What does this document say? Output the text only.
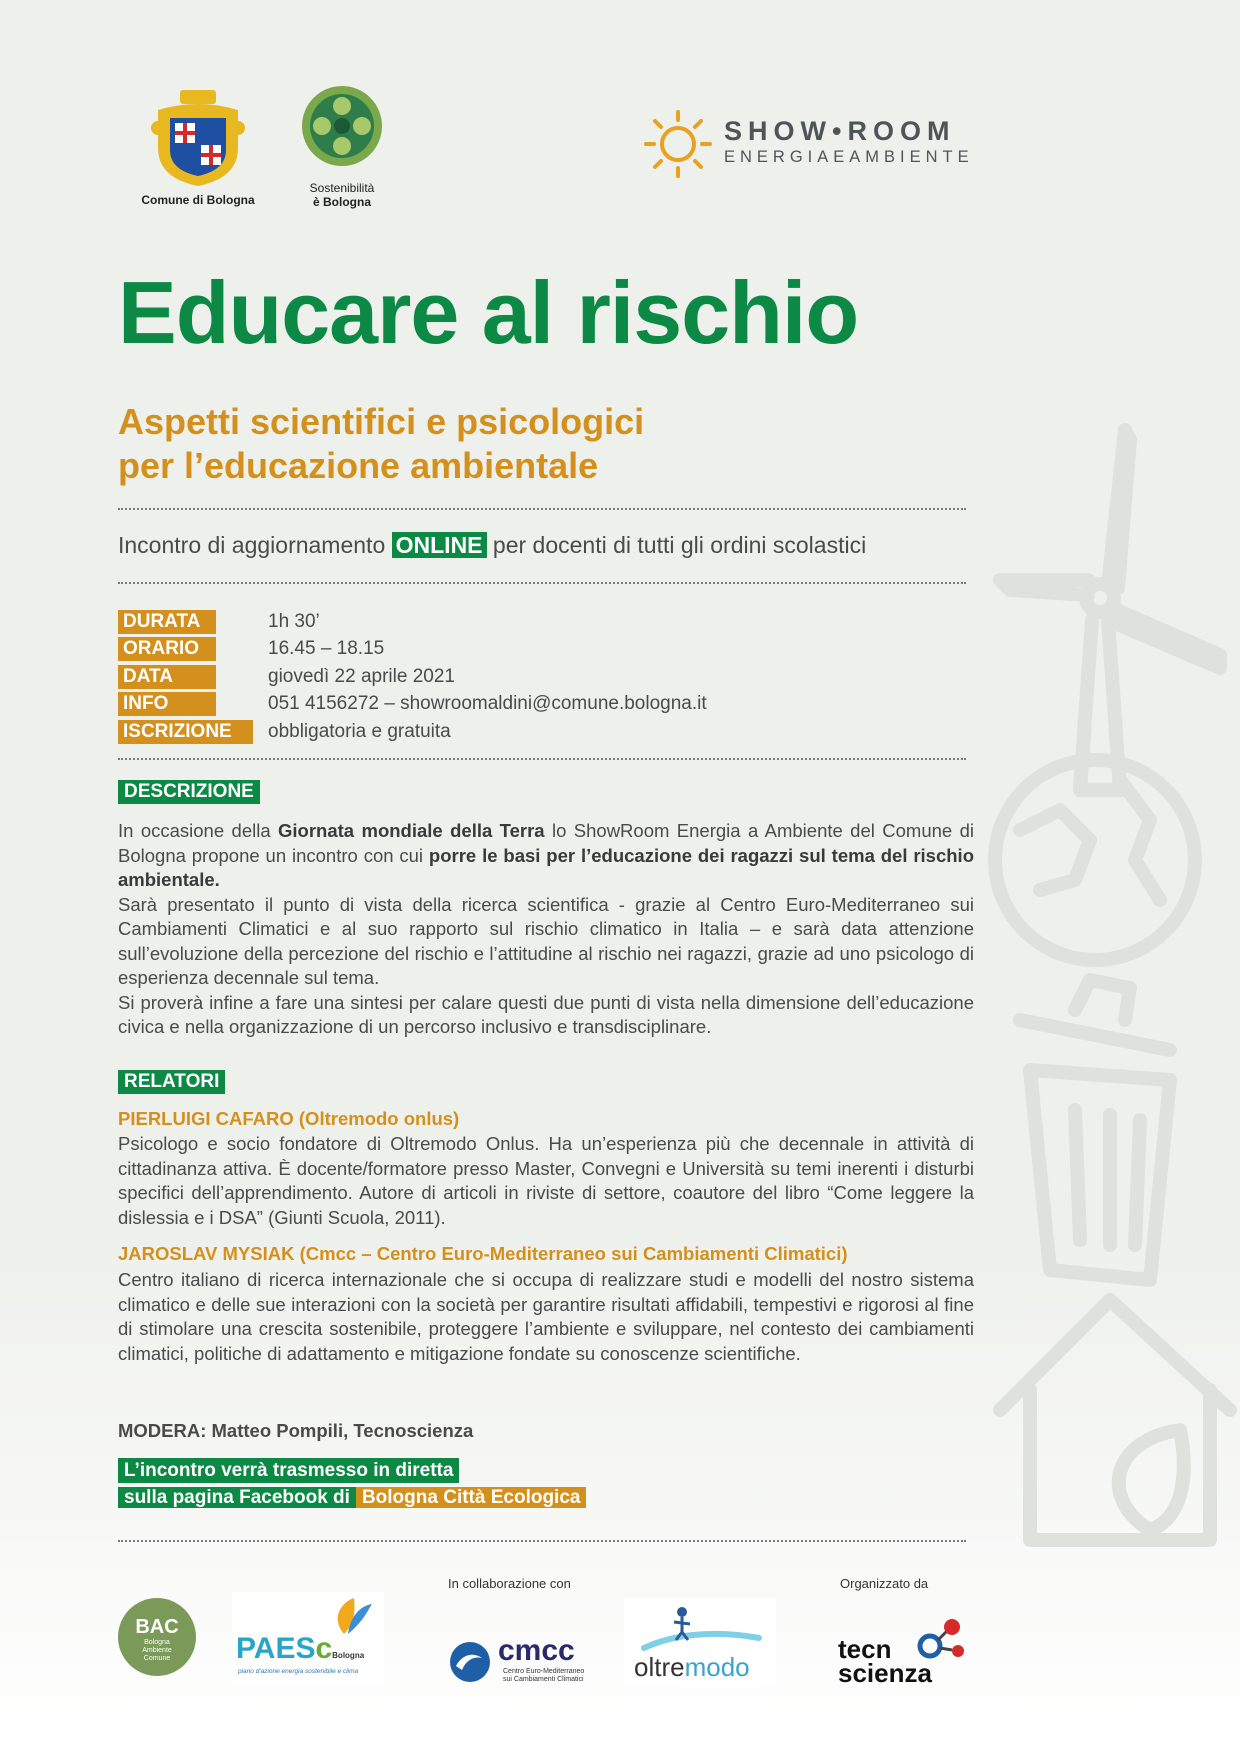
Comune di Bologna
Sostenibilità
è Bologna
SHOW•ROOM
ENERGIAEAMBIENTE
Educare al rischio
Aspetti scientifici e psicologici
per l’educazione ambientale
Incontro di aggiornamento ONLINE per docenti di tutti gli ordini scolastici
DURATA	1h 30’
ORARIO	16.45 – 18.15
DATA	giovedì 22 aprile 2021
INFO	051 4156272 – showroomaldini@comune.bologna.it
ISCRIZIONE	obbligatoria e gratuita
DESCRIZIONE
In occasione della Giornata mondiale della Terra lo ShowRoom Energia a Ambiente del Comune di Bologna propone un incontro con cui porre le basi per l’educazione dei ragazzi sul tema del rischio ambientale.
Sarà presentato il punto di vista della ricerca scientifica - grazie al Centro Euro-Mediterraneo sui Cambiamenti Climatici e al suo rapporto sul rischio climatico in Italia – e sarà data attenzione sull’evoluzione della percezione del rischio e l’attitudine al rischio nei ragazzi, grazie ad uno psicologo di esperienza decennale sul tema.
Si proverà infine a fare una sintesi per calare questi due punti di vista nella dimensione dell’educazione civica e nella organizzazione di un percorso inclusivo e transdisciplinare.
RELATORI
PIERLUIGI CAFARO (Oltremodo onlus)
Psicologo e socio fondatore di Oltremodo Onlus. Ha un’esperienza più che decennale in attività di cittadinanza attiva. È docente/formatore presso Master, Convegni e Università su temi inerenti i disturbi specifici dell’apprendimento. Autore di articoli in riviste di settore, coautore del libro “Come leggere la dislessia e i DSA” (Giunti Scuola, 2011).
JAROSLAV MYSIAK (Cmcc – Centro Euro-Mediterraneo sui Cambiamenti Climatici)
Centro italiano di ricerca internazionale che si occupa di realizzare studi e modelli del nostro sistema climatico e delle sue interazioni con la società per garantire risultati affidabili, tempestivi e rigorosi al fine di stimolare una crescita sostenibile, proteggere l’ambiente e sviluppare, nel contesto dei cambiamenti climatici, politiche di adattamento e mitigazione fondate su conoscenze scientifiche.
MODERA: Matteo Pompili, Tecnoscienza
L’incontro verrà trasmesso in diretta
sulla pagina Facebook di Bologna Città Ecologica
In collaborazione con	Organizzato da
BAC
Bologna Ambiente Comune	PAEScBologna
piano d'azione energia sostenibile e clima
cmcc
Centro Euro-Mediterraneo
sui Cambiamenti Climatici oltremodo
tecn
scienza
